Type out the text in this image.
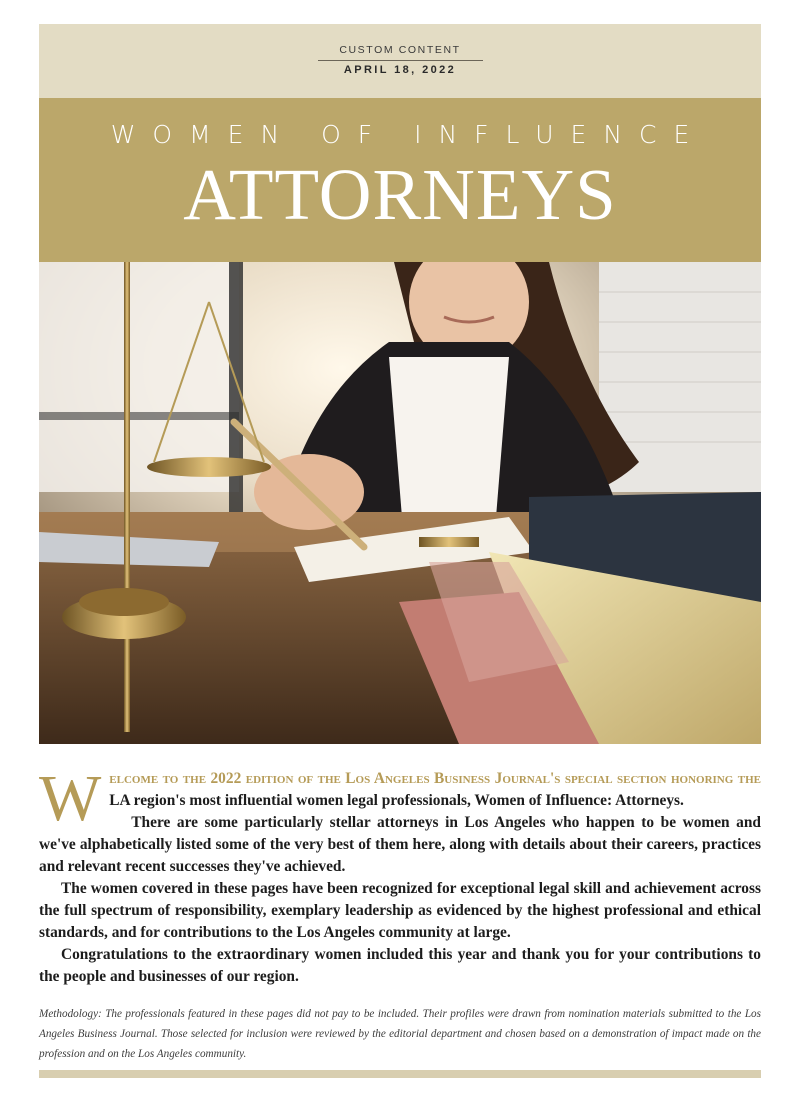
CUSTOM CONTENT
APRIL 18, 2022
WOMEN OF INFLUENCE
ATTORNEYS

Welcome to the 2022 edition of the Los Angeles Business Journal's special section honoring the LA region's most influential women legal professionals, Women of Influence: Attorneys.

There are some particularly stellar attorneys in Los Angeles who happen to be women and we've alphabetically listed some of the very best of them here, along with details about their careers, practices and relevant recent successes they've achieved.

The women covered in these pages have been recognized for exceptional legal skill and achievement across the full spectrum of responsibility, exemplary leadership as evidenced by the highest professional and ethical standards, and for contributions to the Los Angeles community at large.

Congratulations to the extraordinary women included this year and thank you for your contributions to the people and businesses of our region.

Methodology: The professionals featured in these pages did not pay to be included. Their profiles were drawn from nomination materials submitted to the Los Angeles Business Journal. Those selected for inclusion were reviewed by the editorial department and chosen based on a demonstration of impact made on the profession and on the Los Angeles community.
